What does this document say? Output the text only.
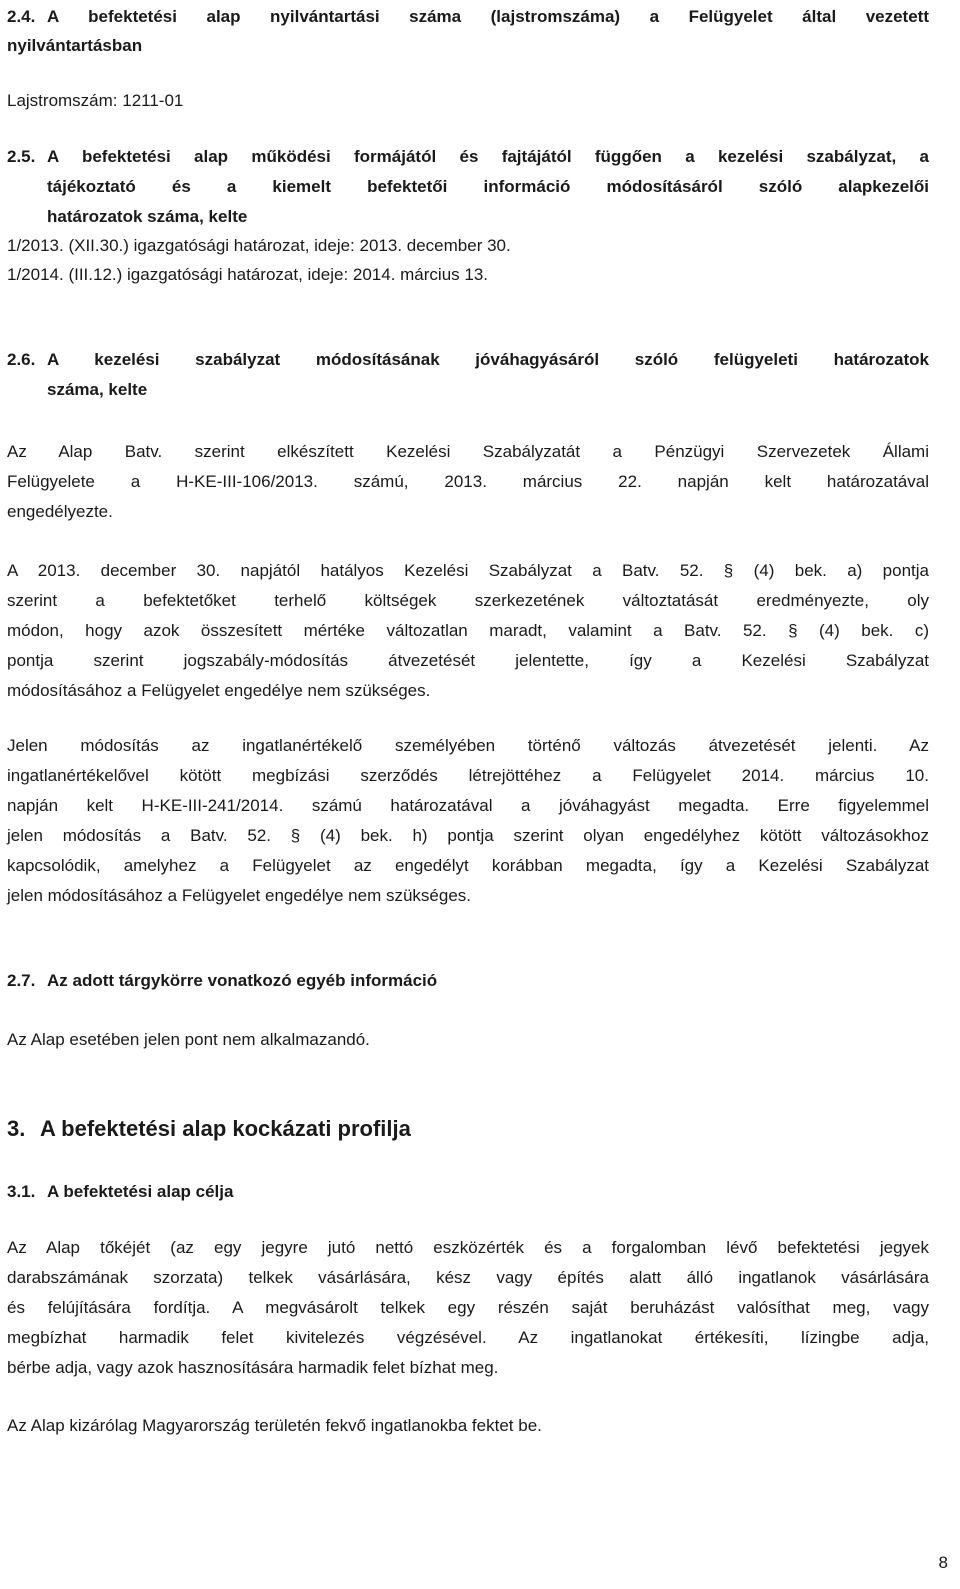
2.4. A befektetési alap nyilvántartási száma (lajstromszáma) a Felügyelet által vezetett
nyilvántartásban
Lajstromszám: 1211-01
2.5. A befektetési alap működési formájától és fajtájától függően a kezelési szabályzat, a
tájékoztató és a kiemelt befektetői információ módosításáról szóló alapkezelői
határozatok száma, kelte
1/2013. (XII.30.) igazgatósági határozat, ideje: 2013. december 30.
1/2014. (III.12.) igazgatósági határozat, ideje: 2014. március 13.
2.6. A kezelési szabályzat módosításának jóváhagyásáról szóló felügyeleti határozatok
száma, kelte
Az Alap Batv. szerint elkészített Kezelési Szabályzatát a Pénzügyi Szervezetek Állami
Felügyelete a H-KE-III-106/2013. számú, 2013. március 22. napján kelt határozatával
engedélyezte.
A 2013. december 30. napjától hatályos Kezelési Szabályzat a Batv. 52. § (4) bek. a) pontja
szerint a befektetőket terhelő költségek szerkezetének változtatását eredményezte, oly
módon, hogy azok összesített mértéke változatlan maradt, valamint a Batv. 52. § (4) bek. c)
pontja szerint jogszabály-módosítás átvezetését jelentette, így a Kezelési Szabályzat
módosításához a Felügyelet engedélye nem szükséges.
Jelen módosítás az ingatlanértékelő személyében történő változás átvezetését jelenti. Az
ingatlanértékelővel kötött megbízási szerződés létrejöttéhez a Felügyelet 2014. március 10.
napján kelt H-KE-III-241/2014. számú határozatával a jóváhagyást megadta. Erre figyelemmel
jelen módosítás a Batv. 52. § (4) bek. h) pontja szerint olyan engedélyhez kötött változásokhoz
kapcsolódik, amelyhez a Felügyelet az engedélyt korábban megadta, így a Kezelési Szabályzat
jelen módosításához a Felügyelet engedélye nem szükséges.
2.7. Az adott tárgykörre vonatkozó egyéb információ
Az Alap esetében jelen pont nem alkalmazandó.
3. A befektetési alap kockázati profilja
3.1. A befektetési alap célja
Az Alap tőkéjét (az egy jegyre jutó nettó eszközérték és a forgalomban lévő befektetési jegyek
darabszámának szorzata) telkek vásárlására, kész vagy építés alatt álló ingatlanok vásárlására
és felújítására fordítja. A megvásárolt telkek egy részén saját beruházást valósíthat meg, vagy
megbízhat harmadik felet kivitelezés végzésével. Az ingatlanokat értékesíti, lízingbe adja,
bérbe adja, vagy azok hasznosítására harmadik felet bízhat meg.
Az Alap kizárólag Magyarország területén fekvő ingatlanokba fektet be.
8
